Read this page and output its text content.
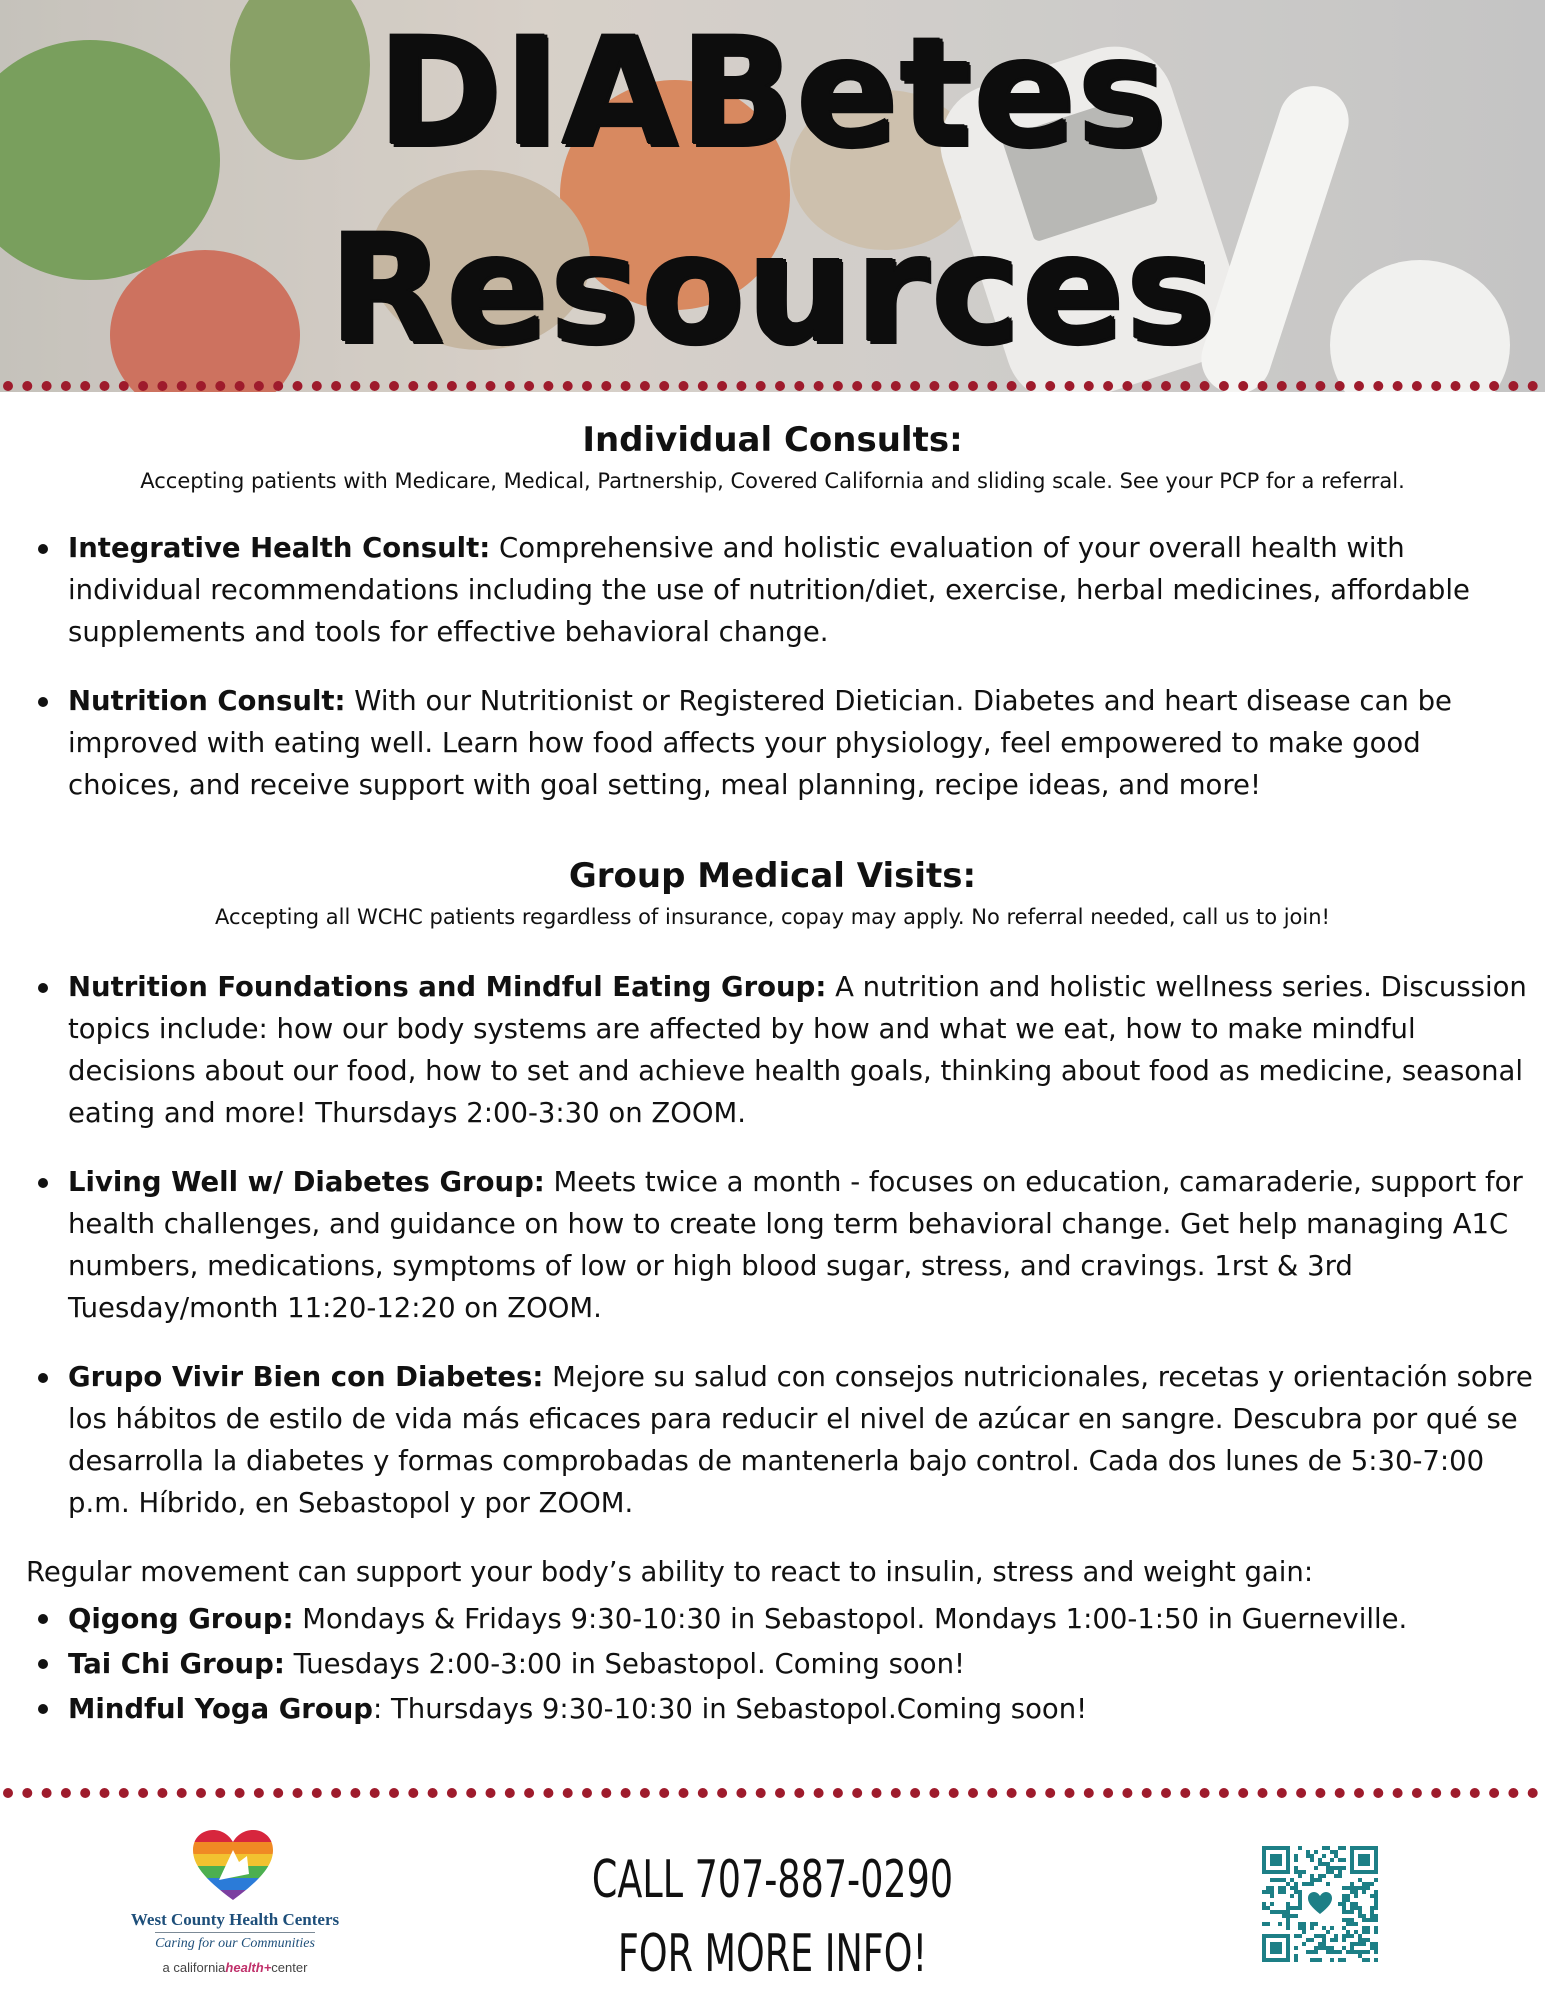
DIABetes
Resources
Individual Consults:

Accepting patients with Medicare, Medical, Partnership, Covered California and sliding scale. See your PCP for a referral.

Integrative Health Consult: Comprehensive and holistic evaluation of your overall health with individual recommendations including the use of nutrition/diet, exercise, herbal medicines, affordable supplements and tools for effective behavioral change.
Nutrition Consult: With our Nutritionist or Registered Dietician. Diabetes and heart disease can be improved with eating well. Learn how food affects your physiology, feel empowered to make good choices, and receive support with goal setting, meal planning, recipe ideas, and more!
Group Medical Visits:

Accepting all WCHC patients regardless of insurance, copay may apply. No referral needed, call us to join!

Nutrition Foundations and Mindful Eating Group: A nutrition and holistic wellness series. Discussion topics include: how our body systems are affected by how and what we eat, how to make mindful decisions about our food, how to set and achieve health goals, thinking about food as medicine, seasonal eating and more! Thursdays 2:00-3:30 on ZOOM.
Living Well w/ Diabetes Group: Meets twice a month - focuses on education, camaraderie, support for health challenges, and guidance on how to create long term behavioral change. Get help managing A1C numbers, medications, symptoms of low or high blood sugar, stress, and cravings. 1rst & 3rd Tuesday/month 11:20-12:20 on ZOOM.
Grupo Vivir Bien con Diabetes: Mejore su salud con consejos nutricionales, recetas y orientación sobre los hábitos de estilo de vida más eficaces para reducir el nivel de azúcar en sangre. Descubra por qué se desarrolla la diabetes y formas comprobadas de mantenerla bajo control. Cada dos lunes de 5:30-7:00 p.m. Híbrido, en Sebastopol y por ZOOM.

Regular movement can support your body’s ability to react to insulin, stress and weight gain:

Qigong Group: Mondays & Fridays 9:30-10:30 in Sebastopol. Mondays 1:00-1:50 in Guerneville.
Tai Chi Group: Tuesdays 2:00-3:00 in Sebastopol. Coming soon!
Mindful Yoga Group: Thursdays 9:30-10:30 in Sebastopol.Coming soon!
West County Health Centers
Caring for our Communities
a californiahealth+center

CALL 707-887-0290

FOR MORE INFO!
